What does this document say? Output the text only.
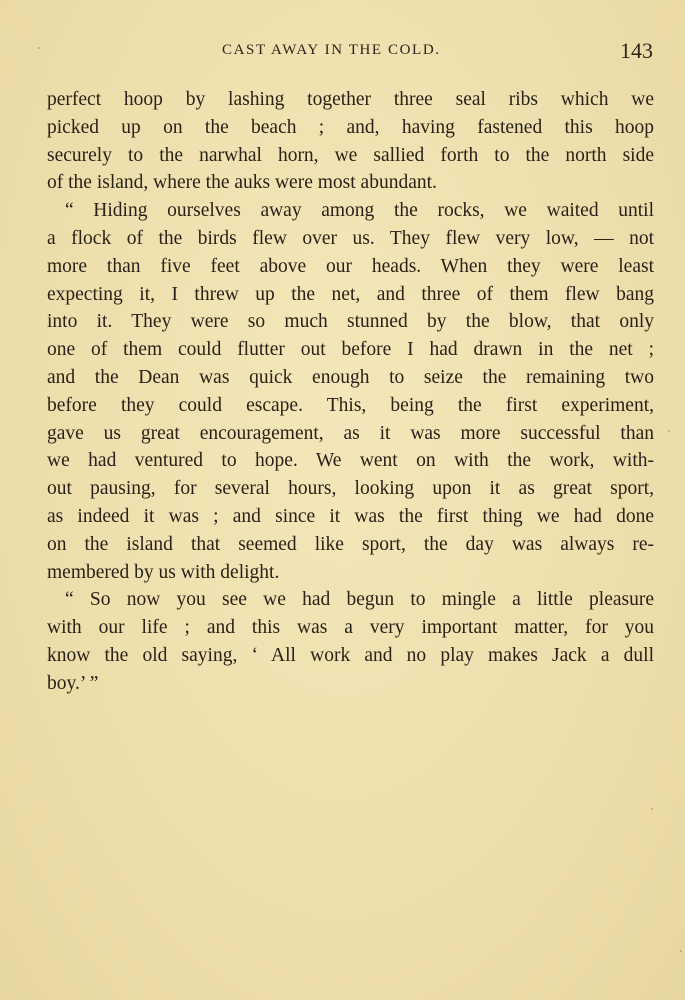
CAST AWAY IN THE COLD.	143
perfect hoop by lashing together three seal ribs which we
picked up on the beach ; and, having fastened this hoop
securely to the narwhal horn, we sallied forth to the north side
of the island, where the auks were most abundant.
“ Hiding ourselves away among the rocks, we waited until
a flock of the birds flew over us. They flew very low, — not
more than five feet above our heads. When they were least
expecting it, I threw up the net, and three of them flew bang
into it. They were so much stunned by the blow, that only
one of them could flutter out before I had drawn in the net ;
and the Dean was quick enough to seize the remaining two
before they could escape. This, being the first experiment,
gave us great encouragement, as it was more successful than
we had ventured to hope. We went on with the work, with-
out pausing, for several hours, looking upon it as great sport,
as indeed it was ; and since it was the first thing we had done
on the island that seemed like sport, the day was always re-
membered by us with delight.
“ So now you see we had begun to mingle a little pleasure
with our life ; and this was a very important matter, for you
know the old saying, ‘ All work and no play makes Jack a dull
boy.’ ”
